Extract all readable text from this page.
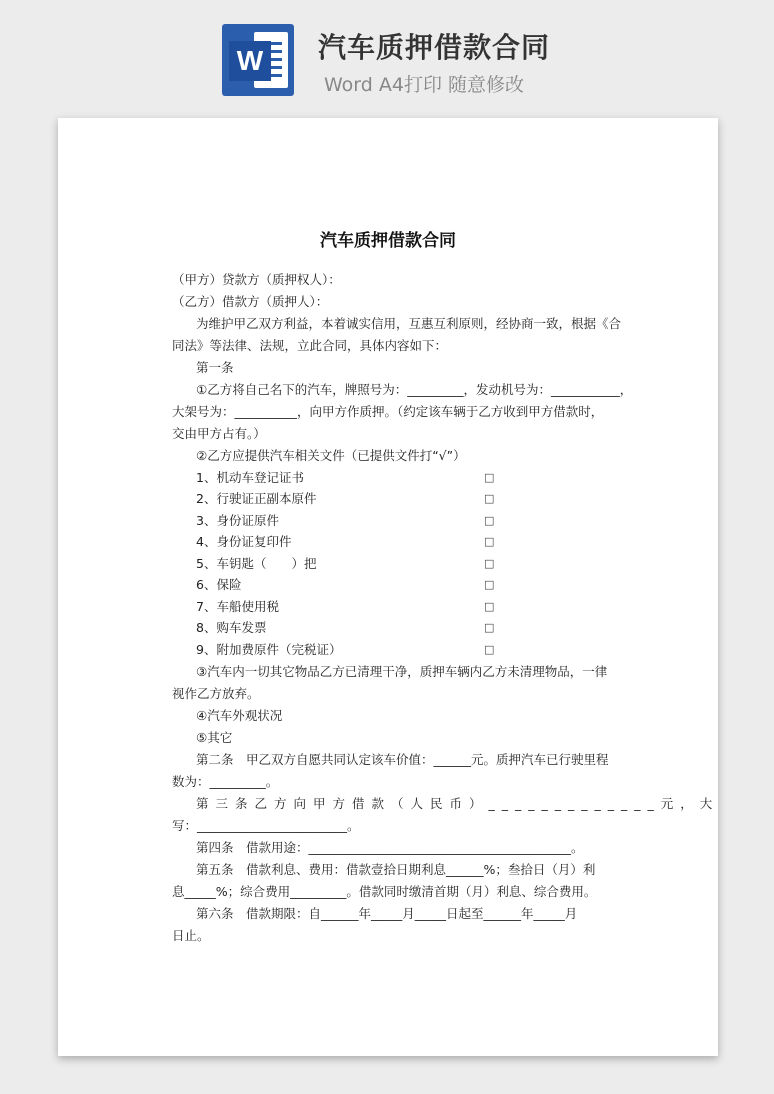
W 汽车质押借款合同
Word A4打印 随意修改
汽车质押借款合同
（甲方）贷款方（质押权人）：
（乙方）借款方（质押人）：
为维护甲乙双方利益，本着诚实信用，互惠互利原则，经协商一致，根据《合
同法》等法律、法规，立此合同，具体内容如下：
第一条
①乙方将自己名下的汽车，牌照号为：_________，发动机号为：___________，
大架号为：__________，向甲方作质押。（约定该车辆于乙方收到甲方借款时，
交由甲方占有。）
②乙方应提供汽车相关文件（已提供文件打“√”）
1、机动车登记证书	□
2、行驶证正副本原件	□
3、身份证原件	□
4、身份证复印件	□
5、车钥匙（　　）把	□
6、保险	□
7、车船使用税	□
8、购车发票	□
9、附加费原件（完税证）	□
③汽车内一切其它物品乙方已清理干净，质押车辆内乙方未清理物品，一律
视作乙方放弃。
④汽车外观状况
⑤其它
第二条　甲乙双方自愿共同认定该车价值：______元。质押汽车已行驶里程
数为：_________。
第三条乙方向甲方借款（人民币）_____________元，大
写：________________________。
第四条　借款用途：__________________________________________。
第五条　借款利息、费用：借款壹拾日期利息______%；叁拾日（月）利
息_____%；综合费用_________。借款同时缴清首期（月）利息、综合费用。
第六条　借款期限：自______年_____月_____日起至______年_____月
日止。
